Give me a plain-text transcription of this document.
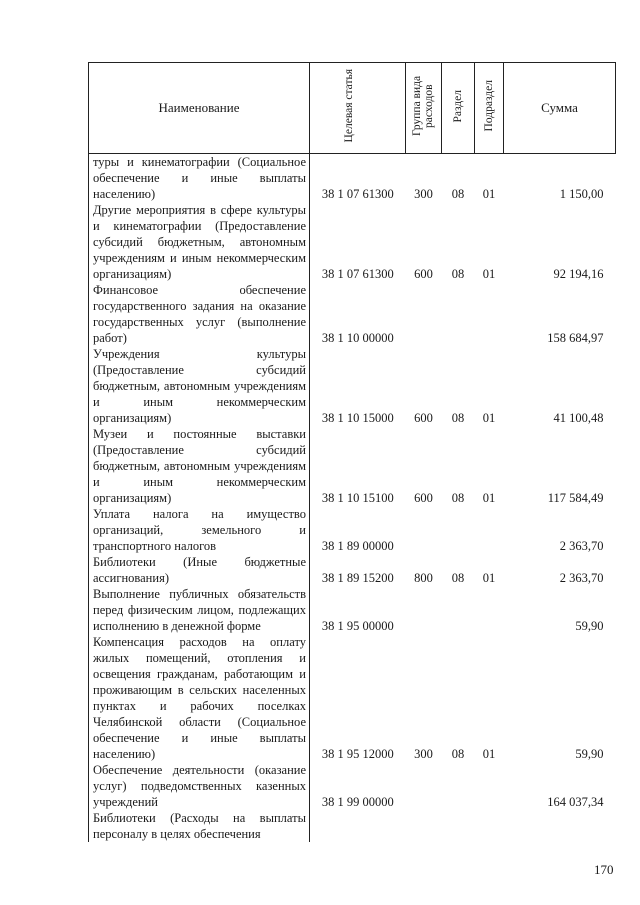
Наименование	Целевая статья	Группа вида расходов	Раздел	Подраздел	Сумма
туры и кинематографии (Социальное обеспечение и иные выплаты населению)	38 1 07 61300	300	08	01	1 150,00
Другие мероприятия в сфере культуры и кинематографии (Предоставление субсидий бюджетным, автономным учреждениям и иным некоммерческим организациям)	38 1 07 61300	600	08	01	92 194,16
Финансовое обеспечение государственного задания на оказание государственных услуг (выполнение работ)	38 1 10 00000				158 684,97
Учреждения культуры (Предоставление субсидий бюджетным, автономным учреждениям и иным некоммерческим организациям)	38 1 10 15000	600	08	01	41 100,48
Музеи и постоянные выставки (Предоставление субсидий бюджетным, автономным учреждениям и иным некоммерческим организациям)	38 1 10 15100	600	08	01	117 584,49
Уплата налога на имущество организаций, земельного и транспортного налогов	38 1 89 00000				2 363,70
Библиотеки (Иные бюджетные ассигнования)	38 1 89 15200	800	08	01	2 363,70
Выполнение публичных обязательств перед физическим лицом, подлежащих исполнению в денежной форме	38 1 95 00000				59,90
Компенсация расходов на оплату жилых помещений, отопления и освещения гражданам, работающим и проживающим в сельских населенных пунктах и рабочих поселках Челябинской области (Социальное обеспечение и иные выплаты населению)	38 1 95 12000	300	08	01	59,90
Обеспечение деятельности (оказание услуг) подведомственных казенных учреждений	38 1 99 00000				164 037,34
Библиотеки (Расходы на выплаты персоналу в целях обеспечения					
170
